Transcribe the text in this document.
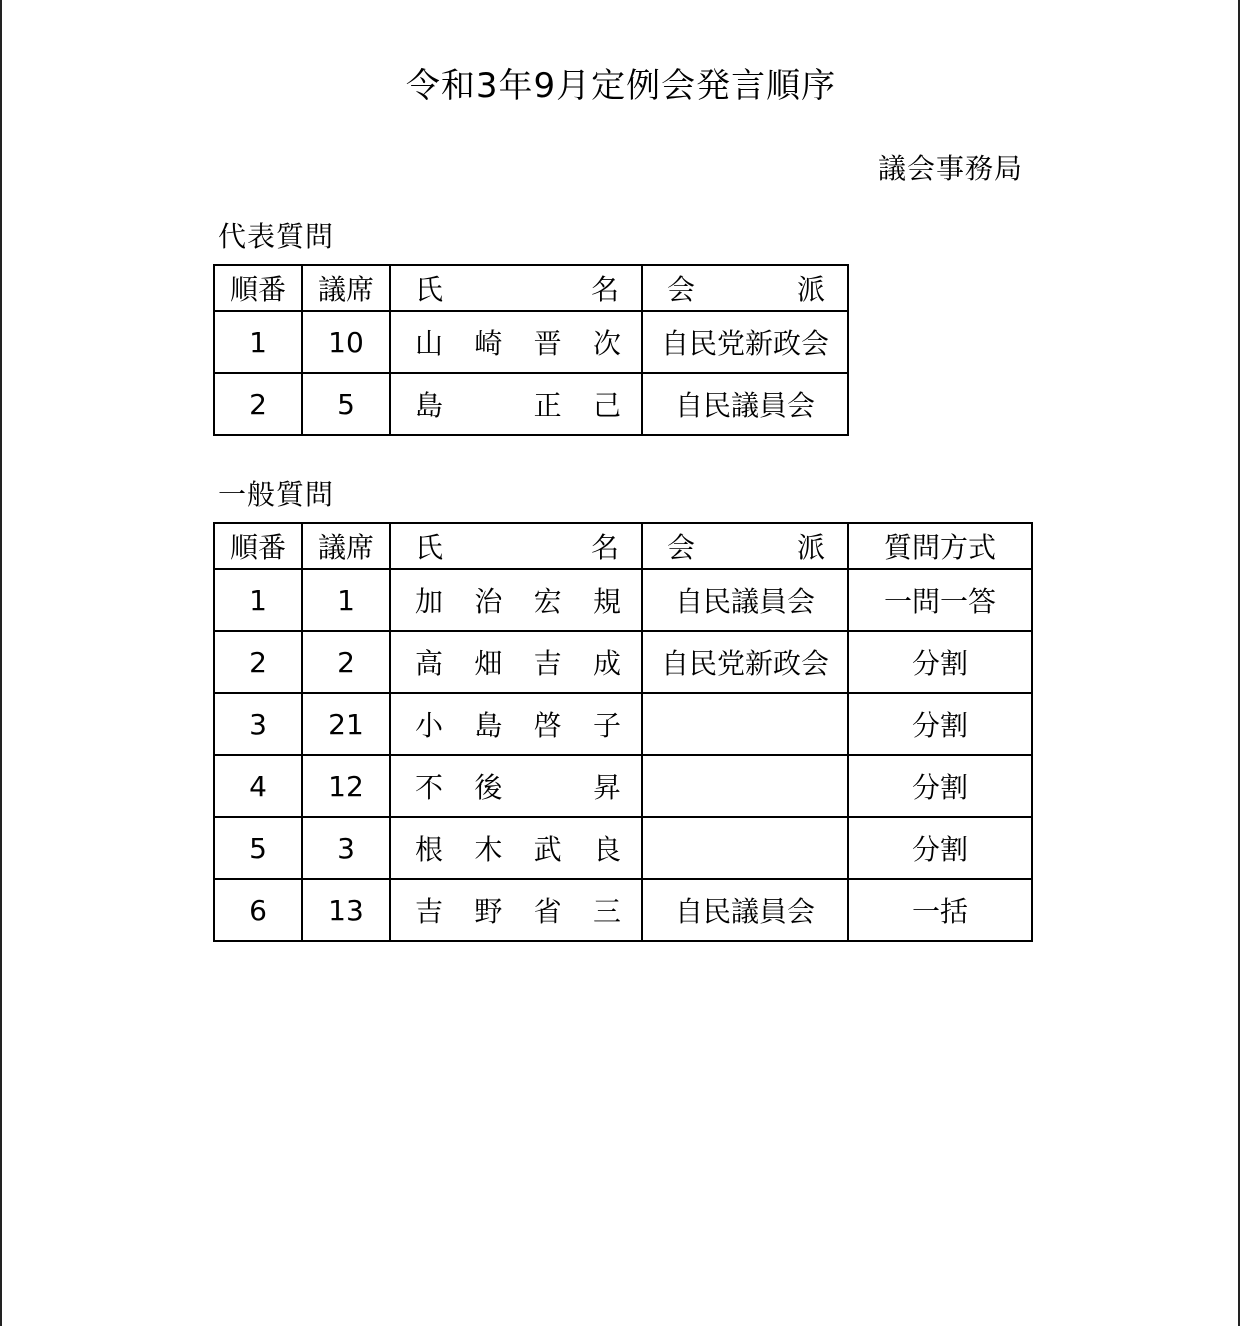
令和3年9月定例会発言順序
議会事務局
代表質問
順番	議席	氏 名	会 派

1	10	山 崎 晋 次	自民党新政会
2	5	島 正 己	自民議員会
一般質問
順番	議席	氏 名	会 派	質問方式
1	1	加 治 宏 規	自民議員会	一問一答
2	2	高 畑 吉 成	自民党新政会	分割
3	21	小 島 啓 子		分割
4	12	不 後 昇		分割
5	3	根 木 武 良		分割
6	13	吉 野 省 三	自民議員会	一括
